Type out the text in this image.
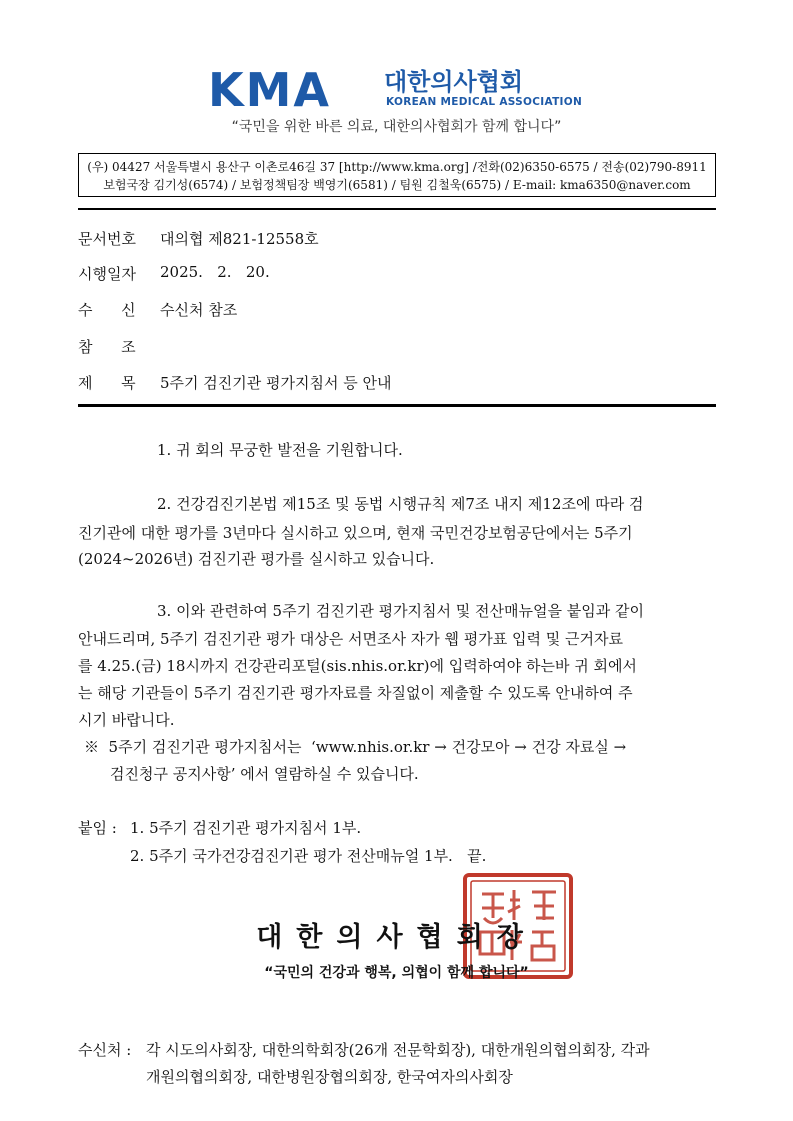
KMA 대한의사협회
KOREAN MEDICAL ASSOCIATION
“국민을 위한 바른 의료, 대한의사협회가 함께 합니다”
(우) 04427 서울특별시 용산구 이촌로46길 37 [http://www.kma.org] /전화(02)6350-6575 / 전송(02)790-8911
보험국장 김기성(6574) / 보험정책팀장 백영기(6581) / 팀원 김철욱(6575) / E-mail: kma6350@naver.com
문서번호 대의협 제821-12558호
시행일자 2025.   2.   20.
수      신 수신처 참조
참      조
제      목 5주기 검진기관 평가지침서 등 안내
1. 귀 회의 무궁한 발전을 기원합니다.
2. 건강검진기본법 제15조 및 동법 시행규칙 제7조 내지 제12조에 따라 검
진기관에 대한 평가를 3년마다 실시하고 있으며, 현재 국민건강보험공단에서는 5주기
(2024~2026년) 검진기관 평가를 실시하고 있습니다.
3. 이와 관련하여 5주기 검진기관 평가지침서 및 전산매뉴얼을 붙임과 같이
안내드리며, 5주기 검진기관 평가 대상은 서면조사 자가 웹 평가표 입력 및 근거자료
를 4.25.(금) 18시까지 건강관리포털(sis.nhis.or.kr)에 입력하여야 하는바 귀 회에서
는 해당 기관들이 5주기 검진기관 평가자료를 차질없이 제출할 수 있도록 안내하여 주
시기 바랍니다.
※  5주기 검진기관 평가지침서는  ‘www.nhis.or.kr → 건강모아 → 건강 자료실 →
검진청구 공지사항’ 에서 열람하실 수 있습니다.
붙임 : 1. 5주기 검진기관 평가지침서 1부.
2. 5주기 국가건강검진기관 평가 전산매뉴얼 1부.   끝.
대한의사협회장
“국민의 건강과 행복, 의협이 함께 합니다”
수신처 : 각 시도의사회장, 대한의학회장(26개 전문학회장), 대한개원의협의회장, 각과
개원의협의회장, 대한병원장협의회장, 한국여자의사회장
